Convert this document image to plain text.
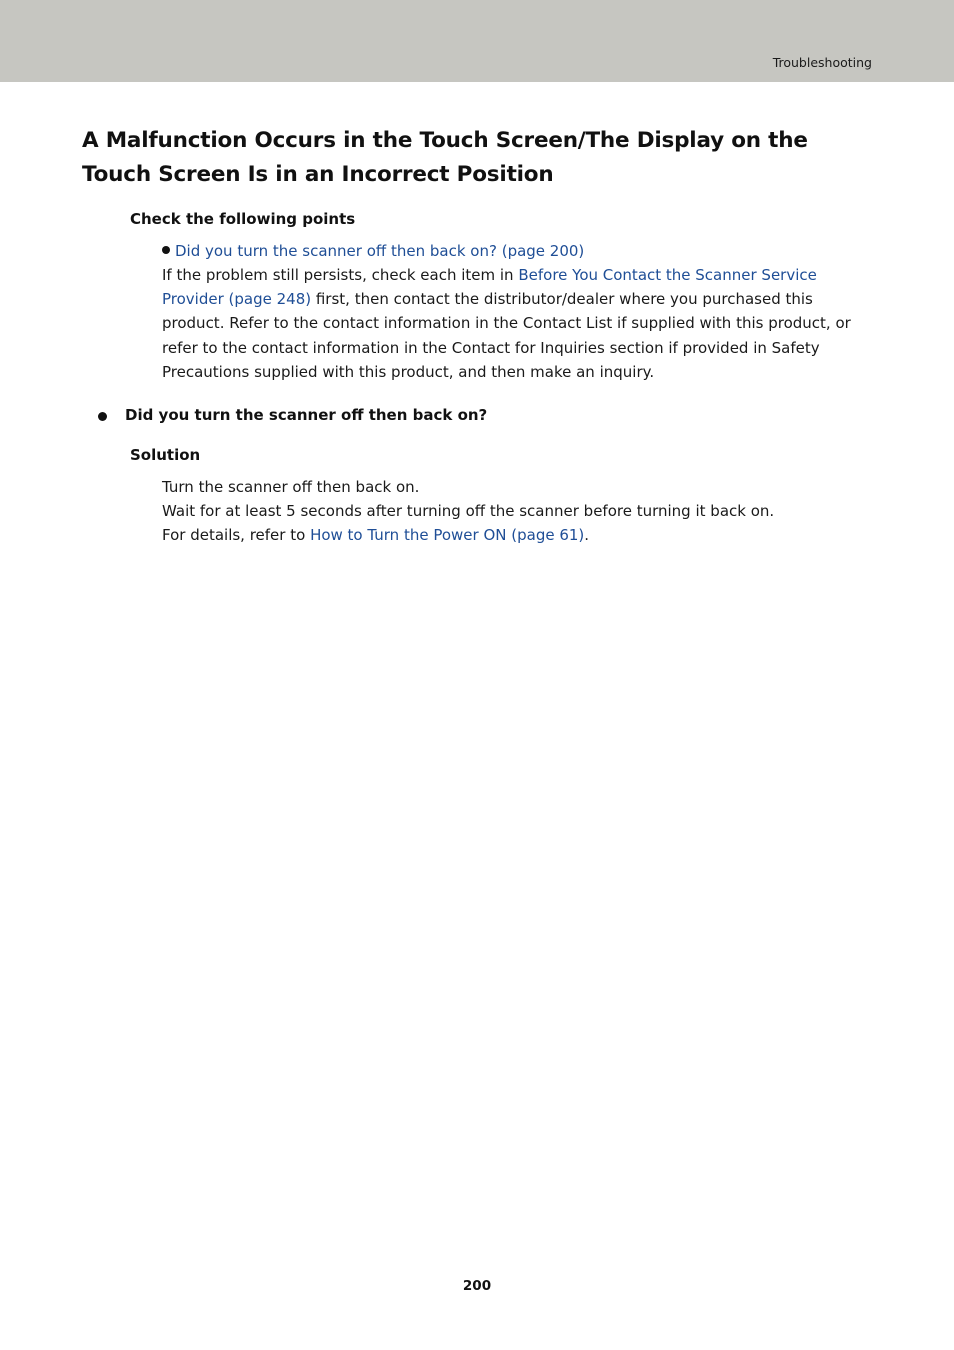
Troubleshooting
A Malfunction Occurs in the Touch Screen/The Display on the Touch Screen Is in an Incorrect Position
Check the following points
Did you turn the scanner off then back on? (page 200)
If the problem still persists, check each item in Before You Contact the Scanner Service Provider (page 248) first, then contact the distributor/dealer where you purchased this product. Refer to the contact information in the Contact List if supplied with this product, or refer to the contact information in the Contact for Inquiries section if provided in Safety Precautions supplied with this product, and then make an inquiry.
Did you turn the scanner off then back on?
Solution
Turn the scanner off then back on.
Wait for at least 5 seconds after turning off the scanner before turning it back on.
For details, refer to How to Turn the Power ON (page 61).
200
